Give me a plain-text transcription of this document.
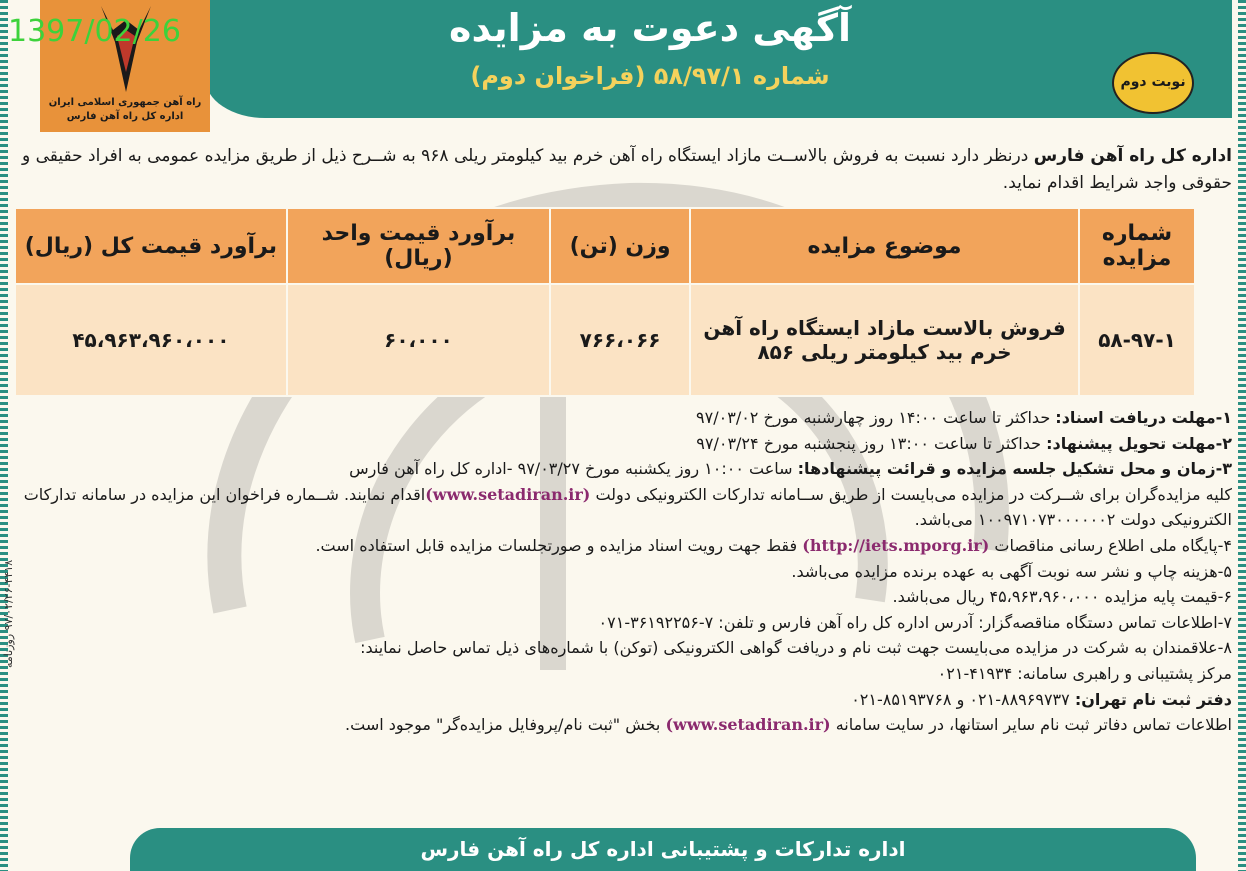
آگهی دعوت به مزایده
شماره ۵۸/۹۷/۱ (فراخوان دوم)	نوبت دوم
راه آهن جمهوری اسلامی ایران
اداره کل راه آهن فارس
1397/02/26
اداره کل راه آهن فارس درنظر دارد نسبت به فروش بالاســت مازاد ایستگاه راه آهن خرم بید کیلومتر ریلی ۹۶۸ به شــرح ذیل از طریق مزایده عمومی به افراد حقیقی و حقوقی واجد شرایط اقدام نماید.
شماره مزایده	موضوع مزایده	وزن (تن)	برآورد قیمت واحد (ریال)	برآورد قیمت کل (ریال)
۵۸-۹۷-۱	فروش بالاست مازاد ایستگاه راه آهن خرم بید کیلومتر ریلی ۸۵۶	۷۶۶،۰۶۶	۶۰،۰۰۰	۴۵،۹۶۳،۹۶۰،۰۰۰
۱-مهلت دریافت اسناد: حداکثر تا ساعت ۱۴:۰۰ روز چهارشنبه مورخ ۹۷/۰۳/۰۲
۲-مهلت تحویل پیشنهاد: حداکثر تا ساعت ۱۳:۰۰ روز پنجشنبه مورخ ۹۷/۰۳/۲۴
۳-زمان و محل تشکیل جلسه مزایده و قرائت پیشنهادها: ساعت ۱۰:۰۰ روز یکشنبه مورخ ۹۷/۰۳/۲۷ -اداره کل راه آهن فارس
کلیه مزایده‌گران برای شــرکت در مزایده می‌بایست از طریق ســامانه تدارکات الکترونیکی دولت (www.setadiran.ir)اقدام نمایند. شــماره فراخوان این مزایده در سامانه تدارکات الکترونیکی دولت ۱۰۰۹۷۱۰۷۳۰۰۰۰۰۰۲ می‌باشد.
۴-پایگاه ملی اطلاع رسانی مناقصات (http://iets.mporg.ir) فقط جهت رویت اسناد مزایده و صورتجلسات مزایده قابل استفاده است.
۵-هزینه چاپ و نشر سه نوبت آگهی به عهده برنده مزایده می‌باشد.
۶-قیمت پایه مزایده ۴۵،۹۶۳،۹۶۰،۰۰۰ ریال می‌باشد.
۷-اطلاعات تماس دستگاه مناقصه‌گزار: آدرس اداره کل راه آهن فارس و تلفن: ۷-۳۶۱۹۲۲۵۶-۰۷۱
۸-علاقمندان به شرکت در مزایده می‌بایست جهت ثبت نام و دریافت گواهی الکترونیکی (توکن) با شماره‌های ذیل تماس حاصل نمایند:
مرکز پشتیبانی و راهبری سامانه: ۴۱۹۳۴-۰۲۱
دفتر ثبت نام تهران: ۸۸۹۶۹۷۳۷-۰۲۱ و ۸۵۱۹۳۷۶۸-۰۲۱
اطلاعات تماس دفاتر ثبت نام سایر استانها، در سایت سامانه (www.setadiran.ir) بخش "ثبت نام/پروفایل مزایده‌گر" موجود است.
۹۷/۰۲/۲۶-۴۴۱۸ روزنامه
اداره تدارکات و پشتیبانی اداره کل راه آهن فارس
